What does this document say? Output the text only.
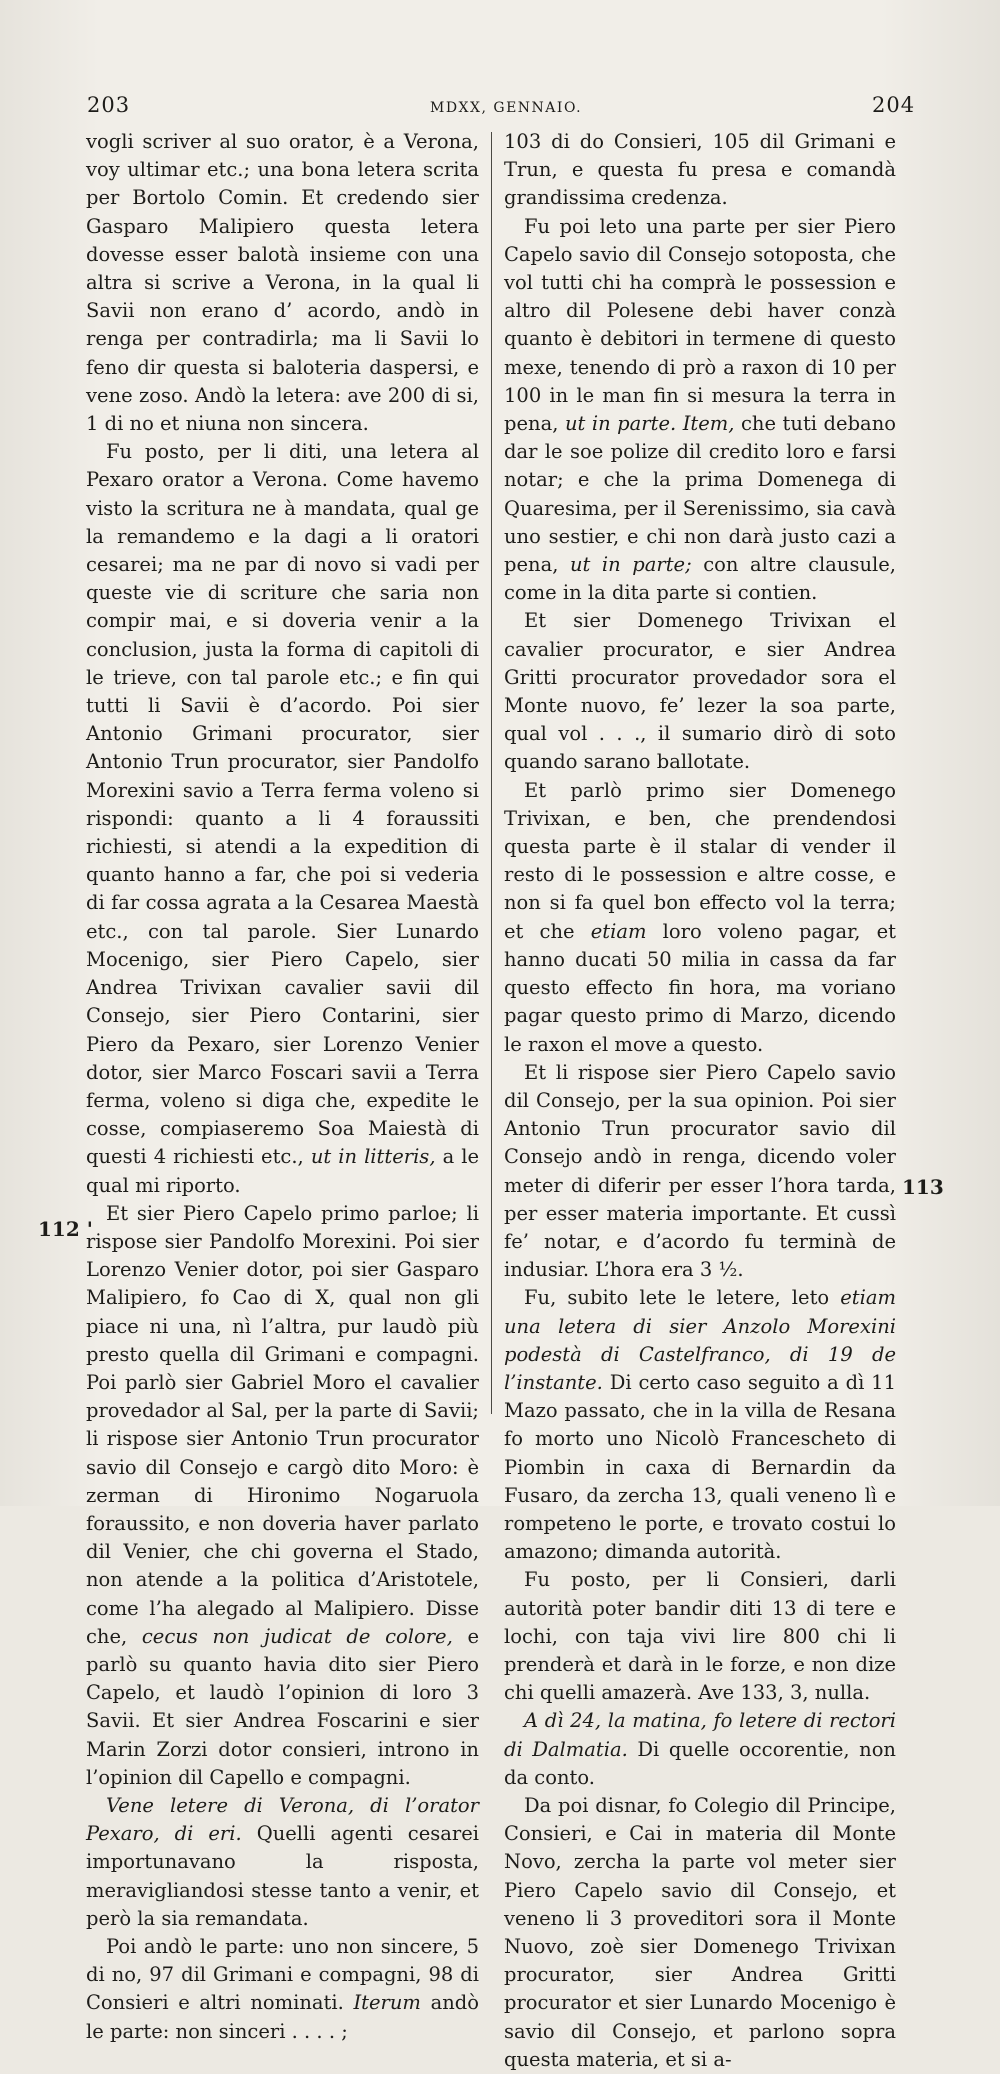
203	MDXX, GENNAIO.	204

vogli scriver al suo orator, è a Verona, voy ultimar etc.; una bona letera scrita per Bortolo Comin. Et credendo sier Gasparo Malipiero questa letera dovesse esser balotà insieme con una altra si scrive a Verona, in la qual li Savii non erano d’ acordo, andò in renga per contradirla; ma li Savii lo feno dir questa si baloteria daspersi, e vene zoso. Andò la letera: ave 200 di si, 1 di no et niuna non sincera.

Fu posto, per li diti, una letera al Pexaro orator a Verona. Come havemo visto la scritura ne à mandata, qual ge la remandemo e la dagi a li oratori cesarei; ma ne par di novo si vadi per queste vie di scriture che saria non compir mai, e si doveria venir a la conclusion, justa la forma di capitoli di le trieve, con tal parole etc.; e fin qui tutti li Savii è d’acordo. Poi sier Antonio Grimani procurator, sier Antonio Trun procurator, sier Pandolfo Morexini savio a Terra ferma voleno si rispondi: quanto a li 4 foraussiti richiesti, si atendi a la expedition di quanto hanno a far, che poi si vederia di far cossa agrata a la Cesarea Maestà etc., con tal parole. Sier Lunardo Mocenigo, sier Piero Capelo, sier Andrea Trivixan cavalier savii dil Consejo, sier Piero Contarini, sier Piero da Pexaro, sier Lorenzo Venier dotor, sier Marco Foscari savii a Terra ferma, voleno si diga che, expedite le cosse, compiaseremo Soa Maiestà di questi 4 richiesti etc., ut in litteris, a le qual mi riporto.

Et sier Piero Capelo primo parloe; li rispose sier Pandolfo Morexini. Poi sier Lorenzo Venier dotor, poi sier Gasparo Malipiero, fo Cao di X, qual non gli piace ni una, nì l’altra, pur laudò più presto quella dil Grimani e compagni. Poi parlò sier Gabriel Moro el cavalier provedador al Sal, per la parte di Savii; li rispose sier Antonio Trun procurator savio dil Consejo e cargò dito Moro: è zerman di Hironimo Nogaruola foraussito, e non doveria haver parlato dil Venier, che chi governa el Stado, non atende a la politica d’Aristotele, come l’ha alegado al Malipiero. Disse che, cecus non judicat de colore, e parlò su quanto havia dito sier Piero Capelo, et laudò l’opinion di loro 3 Savii. Et sier Andrea Foscarini e sier Marin Zorzi dotor consieri, introno in l’opinion dil Capello e compagni.

Vene letere di Verona, di l’orator Pexaro, di eri. Quelli agenti cesarei importunavano la risposta, meravigliandosi stesse tanto a venir, et però la sia remandata.

Poi andò le parte: uno non sincere, 5 di no, 97 dil Grimani e compagni, 98 di Consieri e altri nominati. Iterum andò le parte: non sinceri . . . . ;

103 di do Consieri, 105 dil Grimani e Trun, e questa fu presa e comandà grandissima credenza.

Fu poi leto una parte per sier Piero Capelo savio dil Consejo sotoposta, che vol tutti chi ha comprà le possession e altro dil Polesene debi haver conzà quanto è debitori in termene di questo mexe, tenendo di prò a raxon di 10 per 100 in le man fin si mesura la terra in pena, ut in parte. Item, che tuti debano dar le soe polize dil credito loro e farsi notar; e che la prima Domenega di Quaresima, per il Serenissimo, sia cavà uno sestier, e chi non darà justo cazi a pena, ut in parte; con altre clausule, come in la dita parte si contien.

Et sier Domenego Trivixan el cavalier procurator, e sier Andrea Gritti procurator provedador sora el Monte nuovo, fe’ lezer la soa parte, qual vol . . ., il sumario dirò di soto quando sarano ballotate.

Et parlò primo sier Domenego Trivixan, e ben, che prendendosi questa parte è il stalar di vender il resto di le possession e altre cosse, e non si fa quel bon effecto vol la terra; et che etiam loro voleno pagar, et hanno ducati 50 milia in cassa da far questo effecto fin hora, ma voriano pagar questo primo di Marzo, dicendo le raxon el move a questo.

Et li rispose sier Piero Capelo savio dil Consejo, per la sua opinion. Poi sier Antonio Trun procurator savio dil Consejo andò in renga, dicendo voler meter di diferir per esser l’hora tarda, per esser materia importante. Et cussì fe’ notar, e d’acordo fu terminà de indusiar. L’hora era 3 ½.

Fu, subito lete le letere, leto etiam una letera di sier Anzolo Morexini podestà di Castelfranco, di 19 de l’instante. Di certo caso seguito a dì 11 Mazo passato, che in la villa de Resana fo morto uno Nicolò Francescheto di Piombin in caxa di Bernardin da Fusaro, da zercha 13, quali veneno lì e rompeteno le porte, e trovato costui lo amazono; dimanda autorità.

Fu posto, per li Consieri, darli autorità poter bandir diti 13 di tere e lochi, con taja vivi lire 800 chi li prenderà et darà in le forze, e non dize chi quelli amazerà. Ave 133, 3, nulla.

A dì 24, la matina, fo letere di rectori di Dalmatia. Di quelle occorentie, non da conto.

Da poi disnar, fo Colegio dil Principe, Consieri, e Cai in materia dil Monte Novo, zercha la parte vol meter sier Piero Capelo savio dil Consejo, et veneno li 3 proveditori sora il Monte Nuovo, zoè sier Domenego Trivixan procurator, sier Andrea Gritti procurator et sier Lunardo Mocenigo è savio dil Consejo, et parlono sopra questa materia, et si a-

112 '
113
